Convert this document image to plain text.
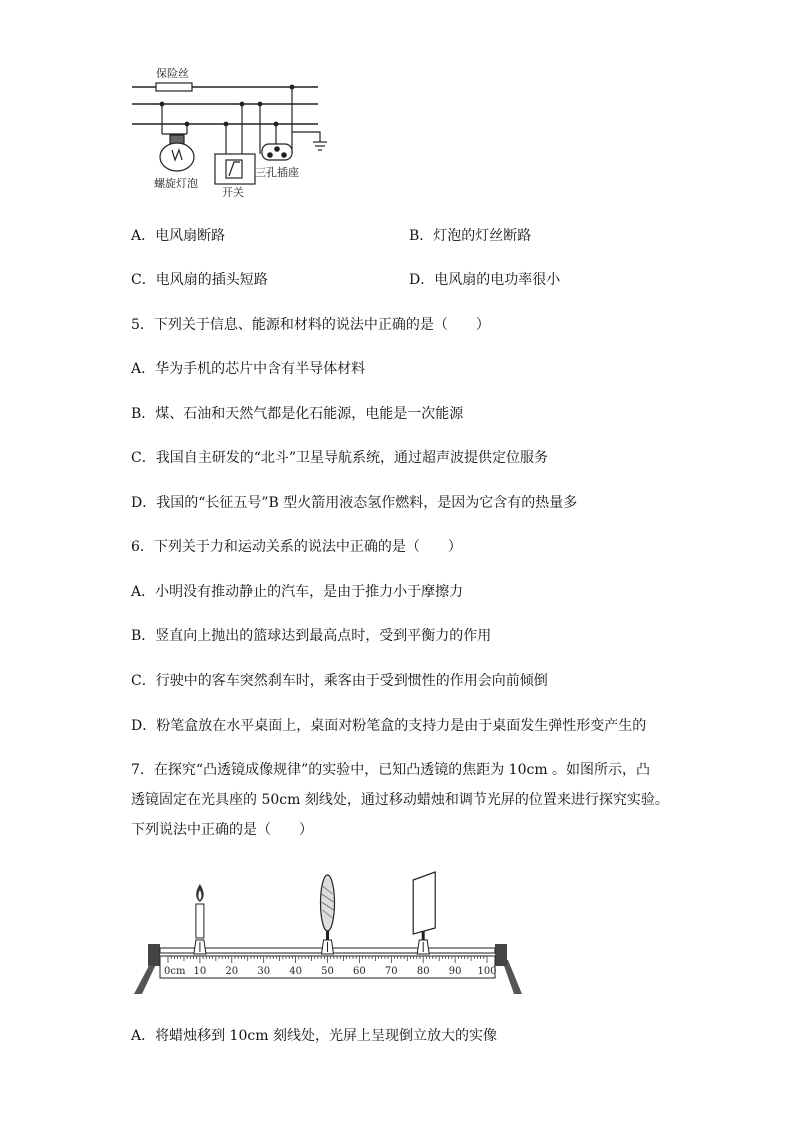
保险丝
螺旋灯泡
开关
三孔插座
A．电风扇断路	B．灯泡的灯丝断路
C．电风扇的插头短路	D．电风扇的电功率很小
5．下列关于信息、能源和材料的说法中正确的是（　　）
A．华为手机的芯片中含有半导体材料
B．煤、石油和天然气都是化石能源，电能是一次能源
C．我国自主研发的“北斗”卫星导航系统，通过超声波提供定位服务
D．我国的“长征五号”B 型火箭用液态氢作燃料，是因为它含有的热量多
6．下列关于力和运动关系的说法中正确的是（　　）
A．小明没有推动静止的汽车，是由于推力小于摩擦力
B．竖直向上抛出的篮球达到最高点时，受到平衡力的作用
C．行驶中的客车突然刹车时，乘客由于受到惯性的作用会向前倾倒
D．粉笔盒放在水平桌面上，桌面对粉笔盒的支持力是由于桌面发生弹性形变产生的
7．在探究“凸透镜成像规律”的实验中，已知凸透镜的焦距为 10cm 。如图所示，凸
透镜固定在光具座的 50cm 刻线处，通过移动蜡烛和调节光屏的位置来进行探究实验。
下列说法中正确的是（　　）
0cm 10 20 30 40 50 60 70 80 90 100
A．将蜡烛移到 10cm 刻线处，光屏上呈现倒立放大的实像
